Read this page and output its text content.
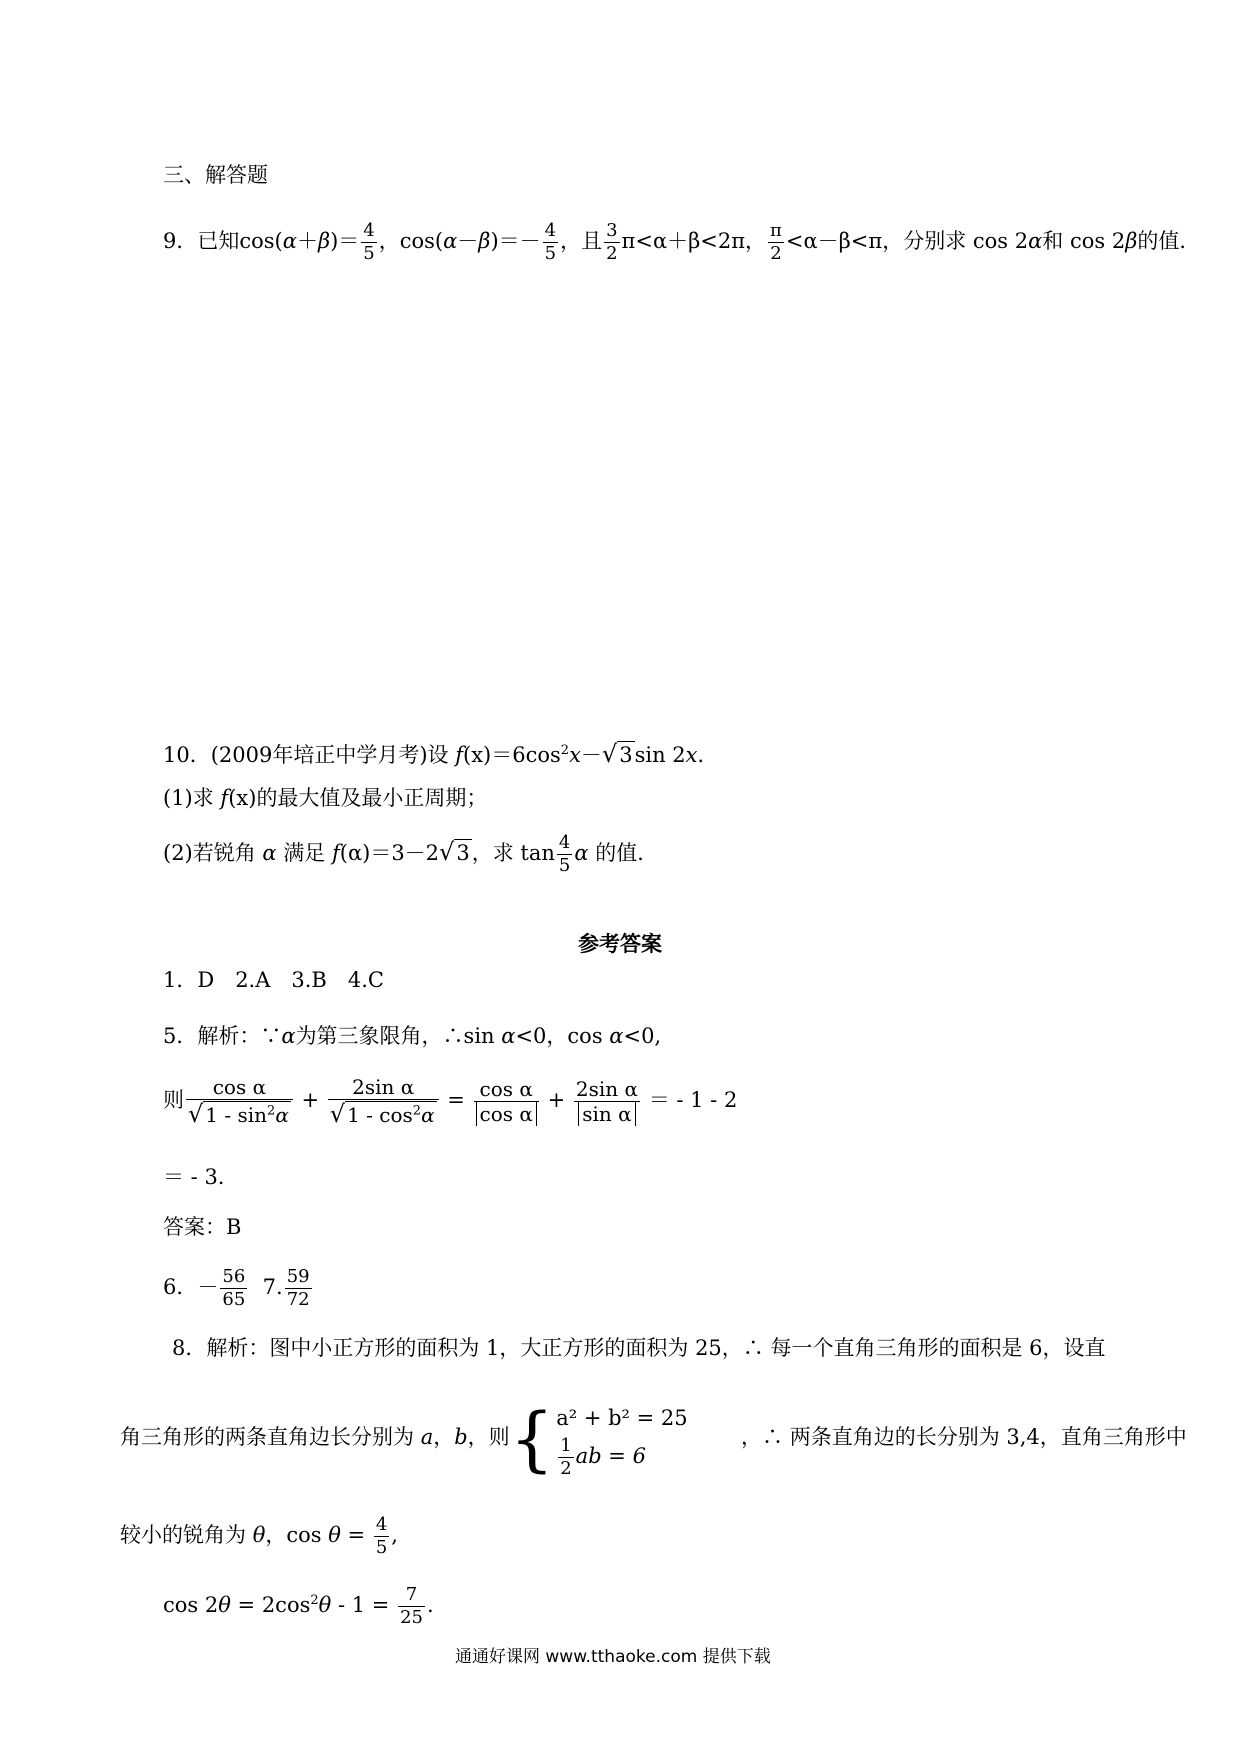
三、解答题
9．已知$\cos(\alpha+\beta)= \frac{4}{5}$ ，$\cos(\alpha-\beta)=- \frac{4}{5}$ ，且 $\frac{3}{2} \pi<\alpha+\beta<2\pi$， $\frac{\pi}{2} <\alpha-\beta<\pi$，分别求 cos 2α和 cos 2β的值．
10．(2009年培正中学月考)设 $f(x)=6\cos^2x-√3\sin$ 2x．
(1)求 f(x)的最大值及最小正周期；
(2)若锐角 α 满足 f(α)＝3－2√3，求 $\tan \frac{4}{5}$ α 的值．
参考答案
1．D　2.A　3.B　4.C
5．解析：∵α为第三象限角，∴sin α<0，cos α<0,
则 $\frac{\text{cos α}}{√ 1 - \sin^2\alpha} + \frac{\text{2sin α}}{√ 1 - \cos^2\alpha} = \frac{\text{cos α}}{\text{cos α}} + \frac{\text{2sin α}}{\text{sin α}}$ ＝ - 1 - 2
＝ - 3.
答案：B
6．－ $\frac{56}{65} 7$. $\frac{59}{72}$
8．解析：图中小正方形的面积为 1，大正方形的面积为 25，∴ 每一个直角三角形的面积是 6，设直
角三角形的两条直角边长分别为 a，b，则{ a² + b² = 25
$\frac{1}{2}$ ab = 6
，∴ 两条直角边的长分别为 3,4，直角三角形中
较小的锐角为 θ，$\cos \theta = \frac{4}{5}$ ,
$\cos 2\theta = 2\cos^2\theta - 1 = \frac{7}{25}$ .
通通好课网 www.tthaoke.com 提供下载
